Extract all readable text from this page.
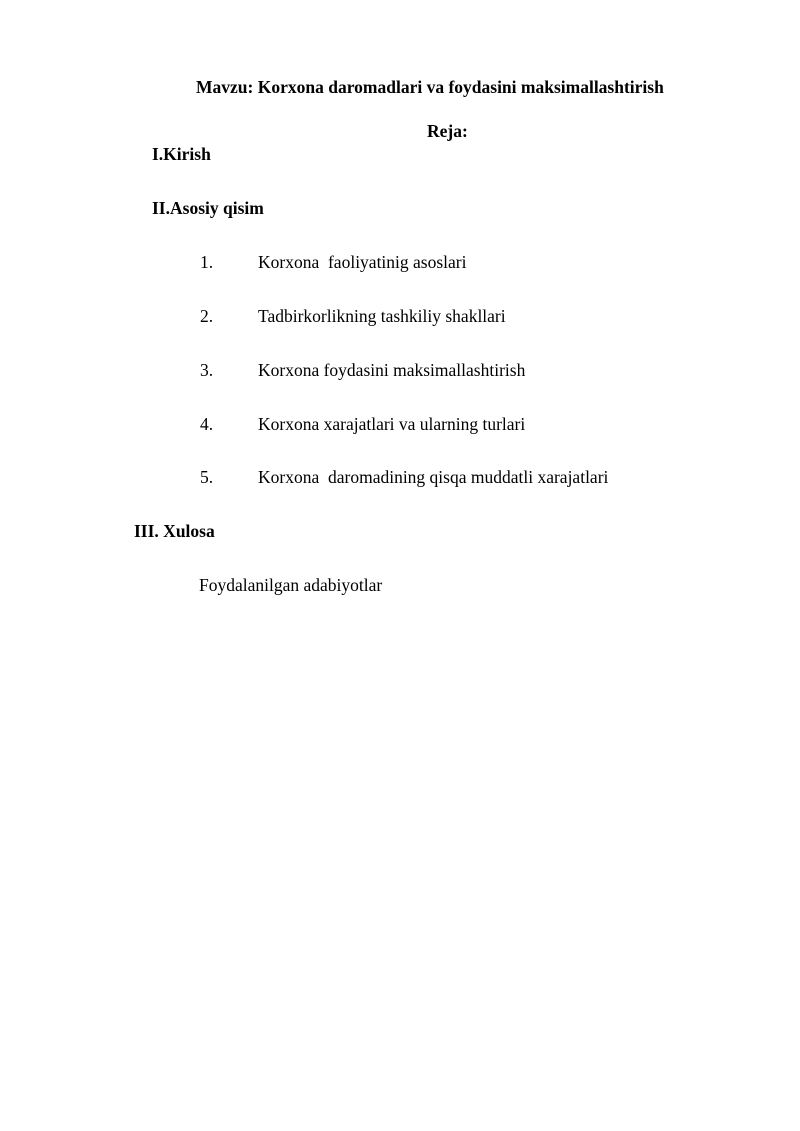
Mavzu: Korxona daromadlari va foydasini maksimallashtirish
Reja:
I.Kirish
II.Asosiy qisim
1.	Korxona  faoliyatinig asoslari
2.	Tadbirkorlikning tashkiliy shakllari
3.	Korxona foydasini maksimallashtirish
4.	Korxona xarajatlari va ularning turlari
5.	Korxona  daromadining qisqa muddatli xarajatlari
III. Xulosa
Foydalanilgan adabiyotlar
